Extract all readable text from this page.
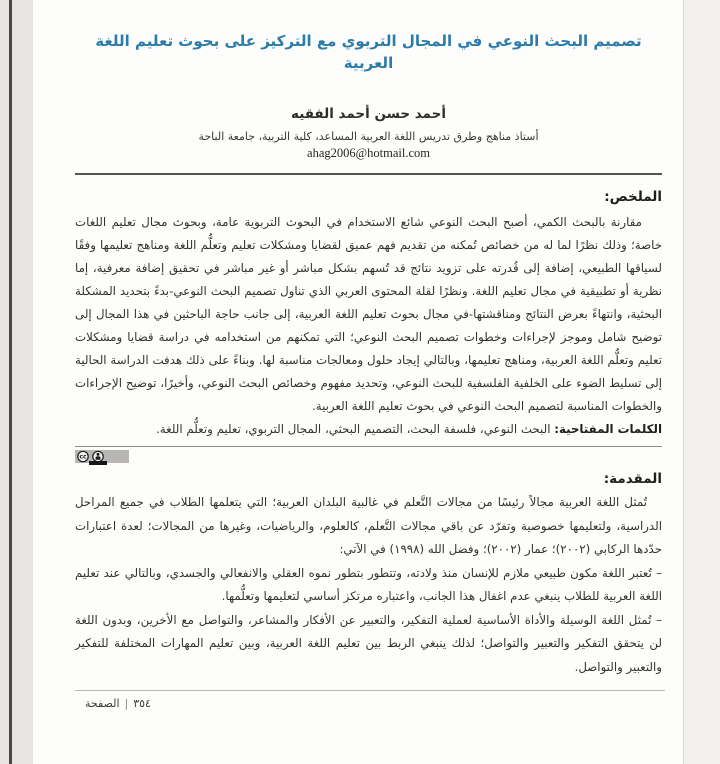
تصميم البحث النوعي في المجال التربوي مع التركيز على بحوث تعليم اللغة العربية
أحمد حسن أحمد الفقيه
أستاذ مناهج وطرق تدريس اللغة العربية المساعد، كلية التربية، جامعة الباحة
ahag2006@hotmail.com
الملخص:

مقارنة بالبحث الكمي، أصبح البحث النوعي شائع الاستخدام في البحوث التربوية عامة، وبحوث مجال تعليم اللغات خاصة؛ وذلك نظرًا لما له من خصائص تُمكنه من تقديم فهم عميق لقضايا ومشكلات تعليم وتعلُّم اللغة ومناهج تعليمها وفقًا لسياقها الطبيعي، إضافة إلى قُدرته على تزويد نتائج قد تُسهم بشكل مباشر أو غير مباشر في تحقيق إضافة معرفية، إما نظرية أو تطبيقية في مجال تعليم اللغة. ونظرًا لقلة المحتوى العربي الذي تناول تصميم البحث النوعي-بدءً بتحديد المشكلة البحثية، وانتهاءً بعرض النتائج ومناقشتها-في مجال بحوث تعليم اللغة العربية، إلى جانب حاجة الباحثين في هذا المجال إلى توضيح شامل وموجز لإجراءات وخطوات تصميم البحث النوعي؛ التي تمكنهم من استخدامه في دراسة قضايا ومشكلات تعليم وتعلُّم اللغة العربية، ومناهج تعليمها، وبالتالي إيجاد حلول ومعالجات مناسبة لها. وبناءً على ذلك هدفت الدراسة الحالية إلى تسليط الضوء على الخلفية الفلسفية للبحث النوعي، وتحديد مفهوم وخصائص البحث النوعي، وأخيرًا، توضيح الإجراءات والخطوات المناسبة لتصميم البحث النوعي في بحوث تعليم اللغة العربية.

الكلمات المفتاحية: البحث النوعي، فلسفة البحث، التصميم البحثي، المجال التربوي، تعليم وتعلُّم اللغة.

cc
المقدمة:

تُمثل اللغة العربية مجالاً رئيسًا من مجالات التَّعلم في غالبية البلدان العربية؛ التي يتعلمها الطلاب في جميع المراحل الدراسية، ولتعليمها خصوصية وتفرّد عن باقي مجالات التَّعلم، كالعلوم، والرياضيات، وغيرها من المجالات؛ لعدة اعتبارات حدّدها الركابي (٢٠٠٢)؛ عمار (٢٠٠٢)؛ وفضل الله (١٩٩٨) في الآتي:

– تُعتبر اللغة مكون طبيعي ملازم للإنسان منذ ولادته، وتتطور بتطور نموه العقلي والانفعالي والجسدي، وبالتالي عند تعليم اللغة العربية للطلاب ينبغي عدم اغفال هذا الجانب، واعتباره مرتكز أساسي لتعليمها وتعلُّمها.

– تُمثل اللغة الوسيلة والأداة الأساسية لعملية التفكير، والتعبير عن الأفكار والمشاعر، والتواصل مع الأخرين، وبدون اللغة لن يتحقق التفكير والتعبير والتواصل؛ لذلك ينبغي الربط بين تعليم اللغة العربية، وبين تعليم المهارات المختلفة للتفكير والتعبير والتواصل.

٣٥٤|الصفحة
